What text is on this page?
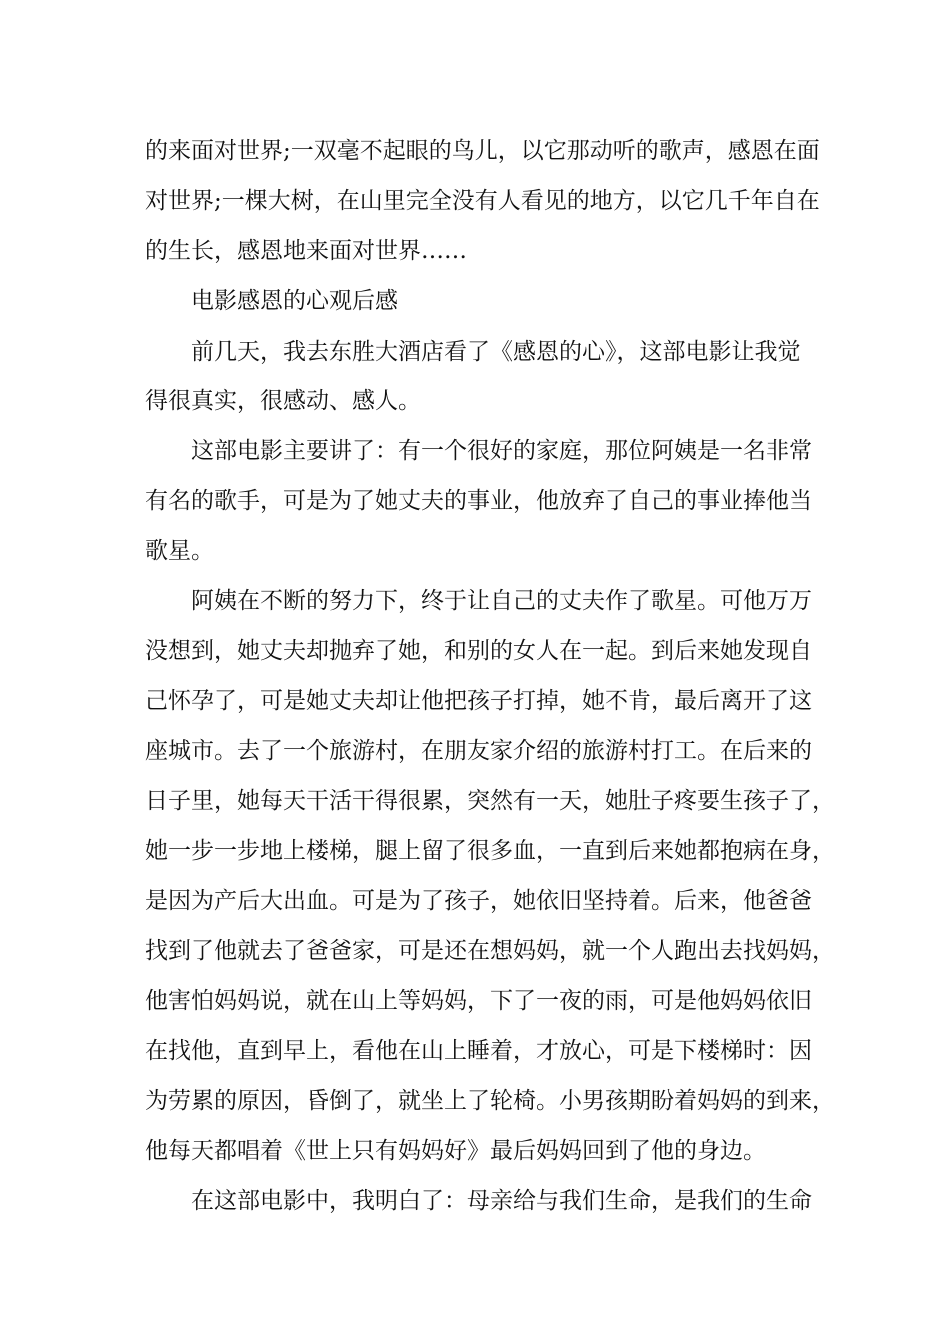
的来面对世界;一双毫不起眼的鸟儿，以它那动听的歌声，感恩在面
对世界;一棵大树，在山里完全没有人看见的地方，以它几千年自在
的生长，感恩地来面对世界……
电影感恩的心观后感
前几天，我去东胜大酒店看了《感恩的心》，这部电影让我觉
得很真实，很感动、感人。
这部电影主要讲了：有一个很好的家庭，那位阿姨是一名非常
有名的歌手，可是为了她丈夫的事业，他放弃了自己的事业捧他当
歌星。
阿姨在不断的努力下，终于让自己的丈夫作了歌星。可他万万
没想到，她丈夫却抛弃了她，和别的女人在一起。到后来她发现自
己怀孕了，可是她丈夫却让他把孩子打掉，她不肯，最后离开了这
座城市。去了一个旅游村，在朋友家介绍的旅游村打工。在后来的
日子里，她每天干活干得很累，突然有一天，她肚子疼要生孩子了，
她一步一步地上楼梯，腿上留了很多血，一直到后来她都抱病在身，
是因为产后大出血。可是为了孩子，她依旧坚持着。后来，他爸爸
找到了他就去了爸爸家，可是还在想妈妈，就一个人跑出去找妈妈，
他害怕妈妈说，就在山上等妈妈，下了一夜的雨，可是他妈妈依旧
在找他，直到早上，看他在山上睡着，才放心，可是下楼梯时：因
为劳累的原因，昏倒了，就坐上了轮椅。小男孩期盼着妈妈的到来，
他每天都唱着《世上只有妈妈好》最后妈妈回到了他的身边。
在这部电影中，我明白了：母亲给与我们生命，是我们的生命
